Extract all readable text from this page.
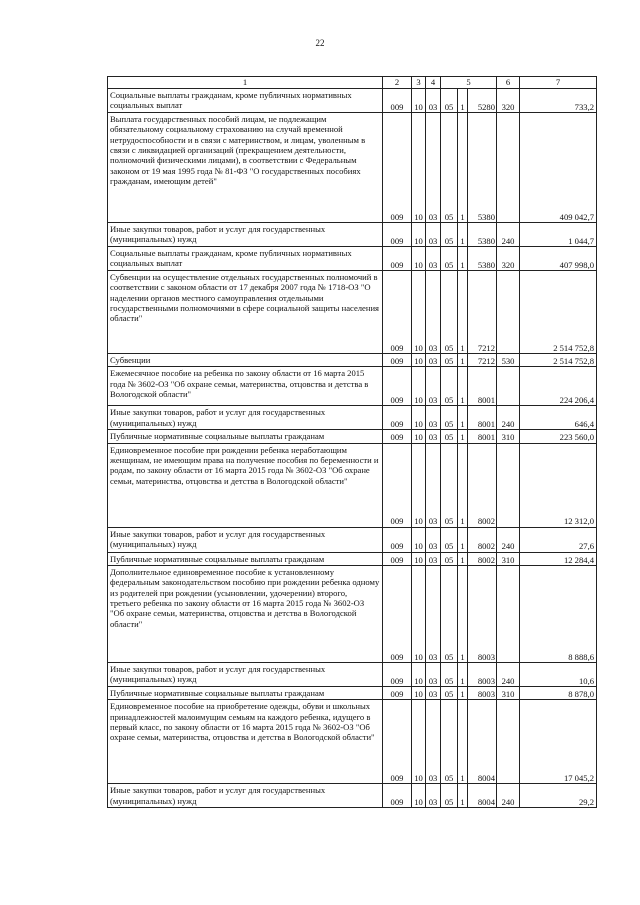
22
1	2	3	4	5			6	7
Социальные выплаты гражданам, кроме публичных нормативных социальных выплат	009	10	03	05	1	5280	320	733,2
Выплата государственных пособий лицам, не подлежащим обязательному социальному страхованию на случай временной нетрудоспособности и в связи с материнством, и лицам, уволенным в связи с ликвидацией организаций (прекращением деятельности, полномочий физическими лицами), в соответствии с Федеральным законом от 19 мая 1995 года № 81-ФЗ "О государственных пособиях гражданам, имеющим детей"	009	10	03	05	1	5380		409 042,7
Иные закупки товаров, работ и услуг для государственных (муниципальных) нужд	009	10	03	05	1	5380	240	1 044,7
Социальные выплаты гражданам, кроме публичных нормативных социальных выплат	009	10	03	05	1	5380	320	407 998,0
Субвенции на осуществление отдельных государственных полномочий в соответствии с законом области от 17 декабря 2007 года № 1718-ОЗ "О наделении органов местного самоуправления отдельными государственными полномочиями в сфере социальной защиты населения области"	009	10	03	05	1	7212		2 514 752,8
Субвенции	009	10	03	05	1	7212	530	2 514 752,8
Ежемесячное пособие на ребенка по закону области от 16 марта 2015 года № 3602-ОЗ "Об охране семьи, материнства, отцовства и детства в Вологодской области"	009	10	03	05	1	8001		224 206,4
Иные закупки товаров, работ и услуг для государственных (муниципальных) нужд	009	10	03	05	1	8001	240	646,4
Публичные нормативные социальные выплаты гражданам	009	10	03	05	1	8001	310	223 560,0
Единовременное пособие при рождении ребенка неработающим женщинам, не имеющим права на получение пособия по беременности и родам, по закону области от 16 марта 2015 года № 3602-ОЗ "Об охране семьи, материнства, отцовства и детства в Вологодской области"	009	10	03	05	1	8002		12 312,0
Иные закупки товаров, работ и услуг для государственных (муниципальных) нужд	009	10	03	05	1	8002	240	27,6
Публичные нормативные социальные выплаты гражданам	009	10	03	05	1	8002	310	12 284,4
Дополнительное единовременное пособие к установленному федеральным законодательством пособию при рождении ребенка одному из родителей при рождении (усыновлении, удочерении) второго, третьего ребенка по закону области от 16 марта 2015 года № 3602-ОЗ "Об охране семьи, материнства, отцовства и детства в Вологодской области"	009	10	03	05	1	8003		8 888,6
Иные закупки товаров, работ и услуг для государственных (муниципальных) нужд	009	10	03	05	1	8003	240	10,6
Публичные нормативные социальные выплаты гражданам	009	10	03	05	1	8003	310	8 878,0
Единовременное пособие на приобретение одежды, обуви и школьных принадлежностей малоимущим семьям на каждого ребенка, идущего в первый класс, по закону области от 16 марта 2015 года № 3602-ОЗ "Об охране семьи, материнства, отцовства и детства в Вологодской области"	009	10	03	05	1	8004		17 045,2
Иные закупки товаров, работ и услуг для государственных (муниципальных) нужд	009	10	03	05	1	8004	240	29,2
